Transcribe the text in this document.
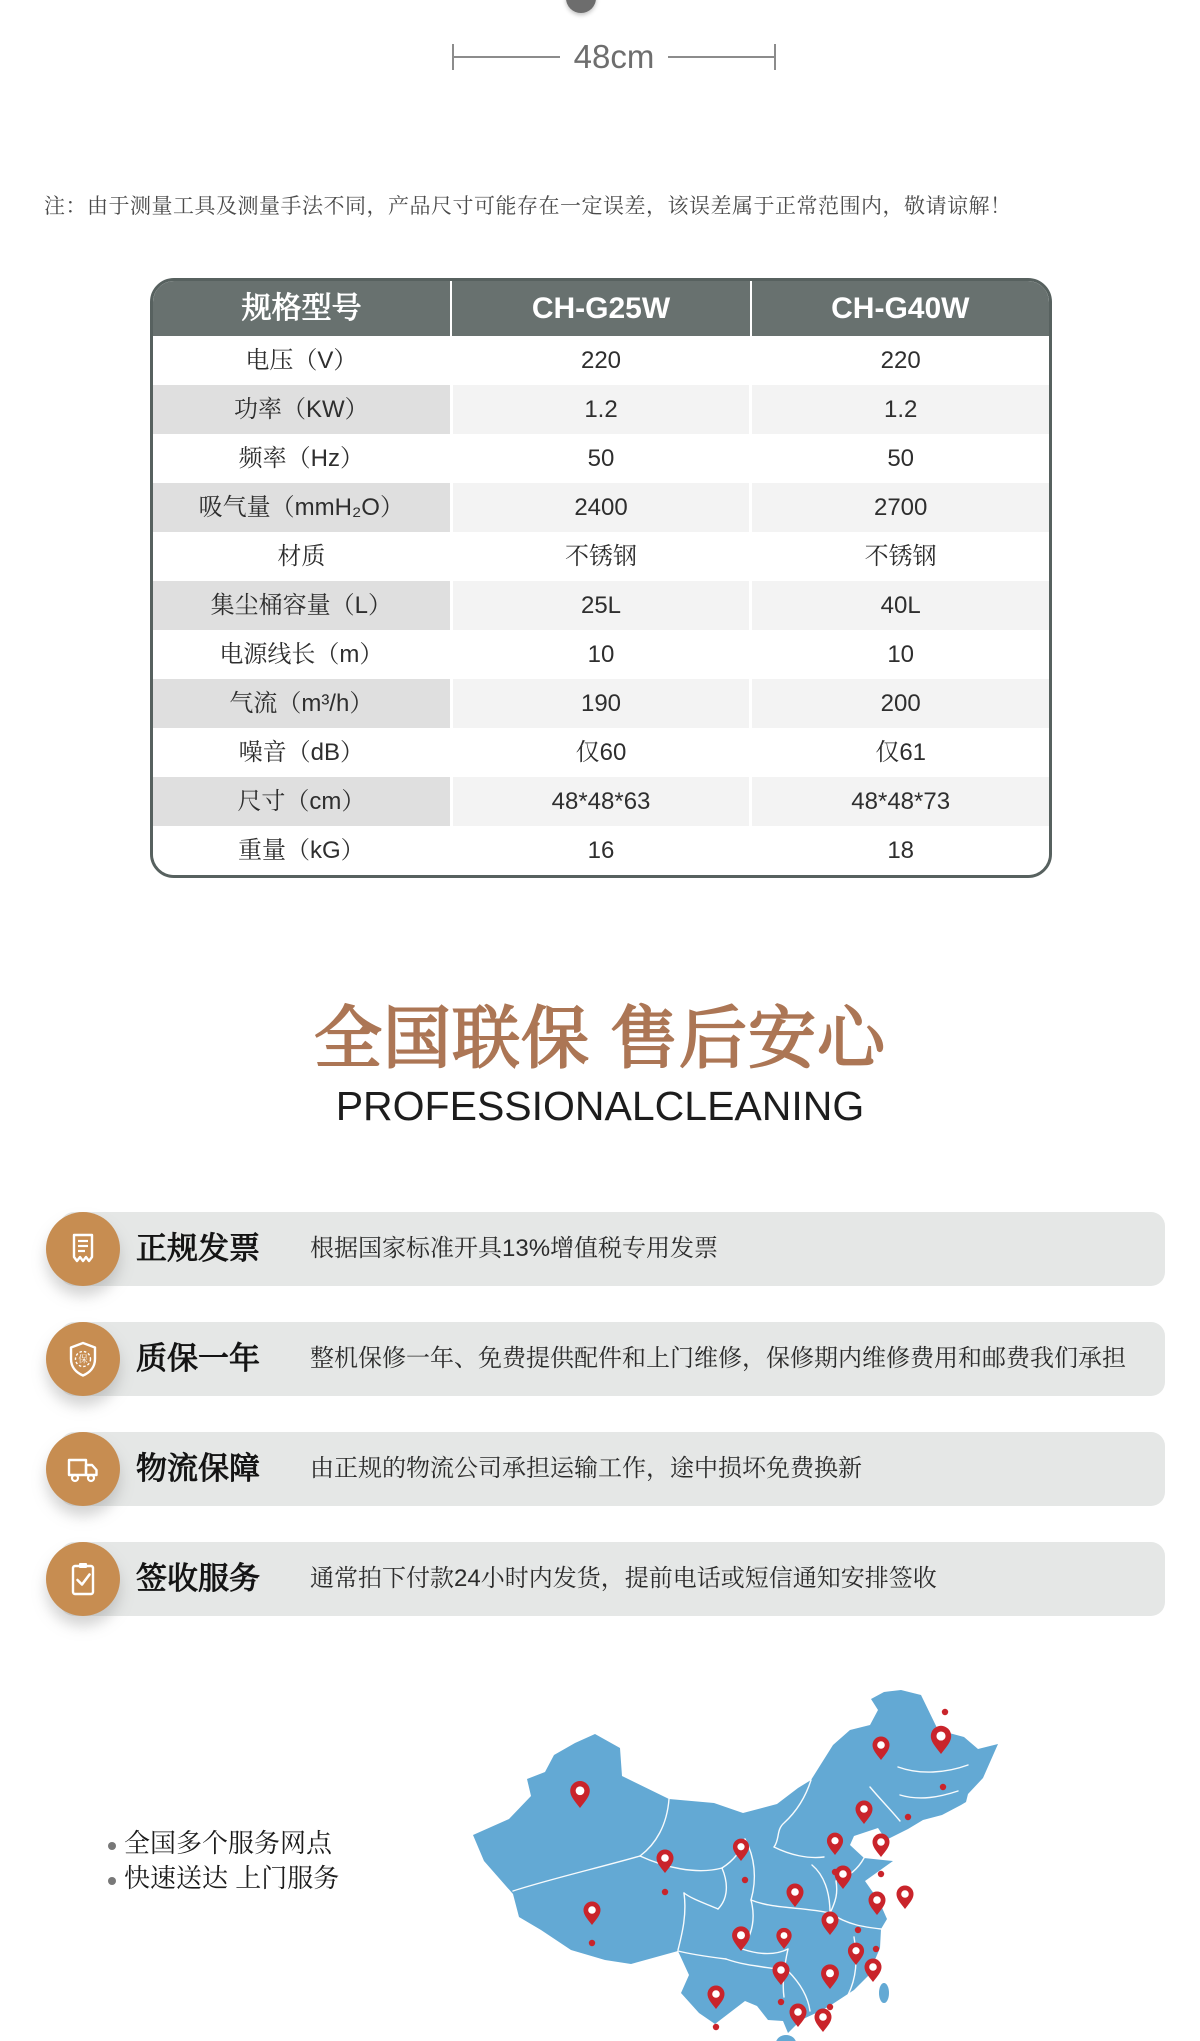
48cm

注：由于测量工具及测量手法不同，产品尺寸可能存在一定误差，该误差属于正常范围内，敬请谅解！

规格型号	CH-G25W	CH-G40W
电压（V）	220	220
功率（KW）	1.2	1.2
频率（Hz）	50	50
吸气量（mmH₂O）	2400	2700
材质	不锈钢	不锈钢
集尘桶容量（L）	25L	40L
电源线长（m）	10	10
气流（m³/h）	190	200
噪音（dB）	仅60	仅61
尺寸（cm）	48*48*63	48*48*73
重量（kG）	16	18
全国联保 售后安心
PROFESSIONALCLEANING
正规发票 根据国家标准开具13%增值税专用发票
保 质保一年 整机保修一年、免费提供配件和上门维修，保修期内维修费用和邮费我们承担
物流保障 由正规的物流公司承担运输工作，途中损坏免费换新
签收服务 通常拍下付款24小时内发货，提前电话或短信通知安排签收
全国多个服务网点
快速送达 上门服务
